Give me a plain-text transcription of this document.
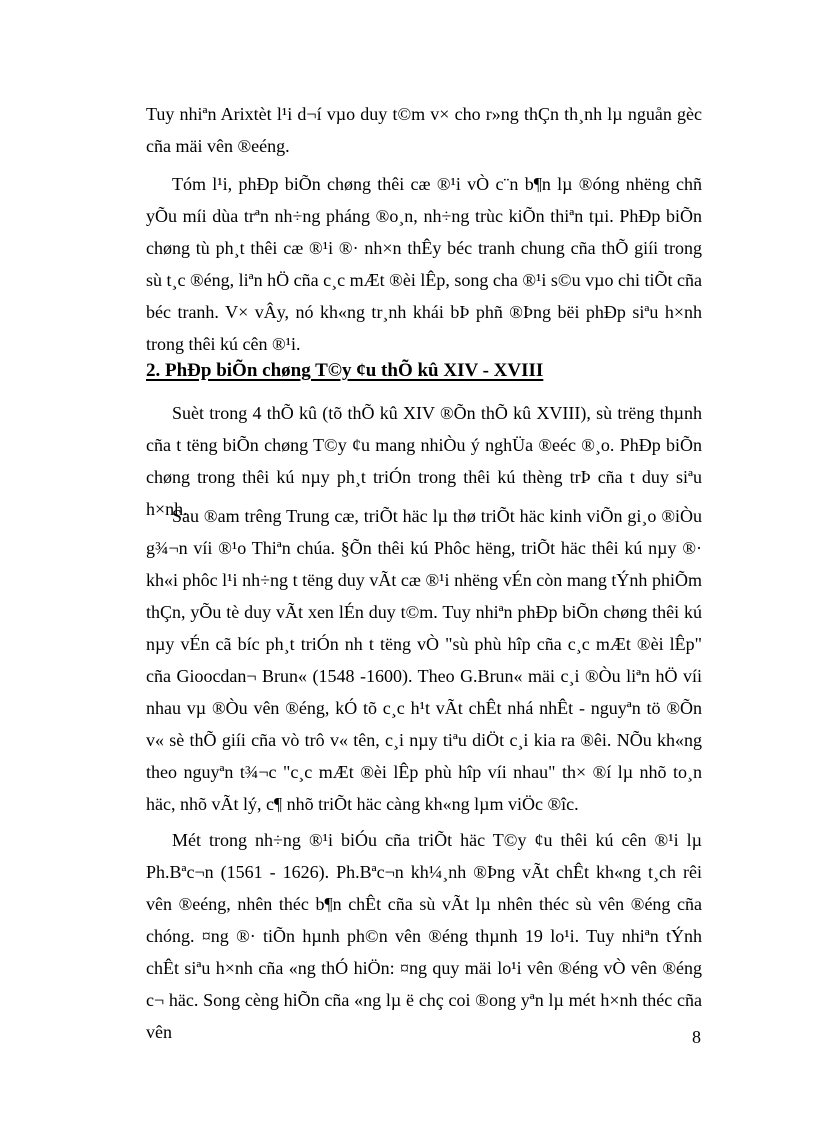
Tuy nhiªn Arixtèt l¹i d¬í vµo duy t©m v× cho r»ng thÇn th¸nh lµ nguån gèc cña mäi vên ®eéng.

Tóm l¹i, phÐp biÕn chøng thêi cæ ®¹i vÒ c¨n b¶n lµ ®óng nhëng chñ yÕu míi dùa trªn nh÷ng pháng ®o¸n, nh÷ng trùc kiÕn thiªn tµi. PhÐp biÕn chøng tù ph¸t thêi cæ ®¹i ®· nh×n thÊy béc tranh chung cña thÕ giíi trong sù t¸c ®éng, liªn hÖ cña c¸c mÆt ®èi lÊp, song cha ®¹i s©u vµo chi tiÕt cña béc tranh. V× vÂy, nó kh«ng tr¸nh khái bÞ phñ ®Þng bëi phÐp siªu h×nh trong thêi kú cên ®¹i.

2. PhÐp biÕn chøng T©y ¢u thÕ kû XIV - XVIII

Suèt trong 4 thÕ kû (tõ thÕ kû XIV ®Õn thÕ kû XVIII), sù trëng thµnh cña t tëng biÕn chøng T©y ¢u mang nhiÒu ý nghÜa ®eéc ®¸o. PhÐp biÕn chøng trong thêi kú nµy ph¸t triÓn trong thêi kú thèng trÞ cña t duy siªu h×nh.

Sau ®am trêng Trung cæ, triÕt häc lµ thø triÕt häc kinh viÕn gi¸o ®iÒu g¾¬n víi ®¹o Thiªn chúa. §Õn thêi kú Phôc hëng, triÕt häc thêi kú nµy ®· kh«i phôc l¹i nh÷ng t tëng duy vÃt cæ ®¹i nhëng vÉn còn mang tÝnh phiÕm thÇn, yÕu tè duy vÃt xen lÉn duy t©m. Tuy nhiªn phÐp biÕn chøng thêi kú nµy vÉn cã bíc ph¸t triÓn nh t tëng vÒ "sù phù hîp cña c¸c mÆt ®èi lÊp" cña Gioocdan¬ Brun« (1548 -1600). Theo G.Brun« mäi c¸i ®Òu liªn hÖ víi nhau vµ ®Òu vên ®éng, kÓ tõ c¸c h¹t vÃt chÊt nhá nhÊt - nguyªn tö ®Õn v« sè thÕ giíi cña vò trô v« tên, c¸i nµy tiªu diÖt c¸i kia ra ®êi. NÕu kh«ng theo nguyªn t¾¬c "c¸c mÆt ®èi lÊp phù hîp víi nhau" th× ®í lµ nhõ to¸n häc, nhõ vÃt lý, c¶ nhõ triÕt häc càng kh«ng lµm viÖc ®îc.

Mét trong nh÷ng ®¹i biÓu cña triÕt häc T©y ¢u thêi kú cên ®¹i lµ Ph.Bªc¬n (1561 - 1626). Ph.Bªc¬n kh¼¸nh ®Þng vÃt chÊt kh«ng t¸ch rêi vên ®eéng, nhên théc b¶n chÊt cña sù vÃt lµ nhên théc sù vên ®éng cña chóng. ¤ng ®· tiÕn hµnh ph©n vên ®éng thµnh 19 lo¹i. Tuy nhiªn tÝnh chÊt siªu h×nh cña «ng thÓ hiÖn: ¤ng quy mäi lo¹i vên ®éng vÒ vên ®éng c¬ häc. Song cèng hiÕn cña «ng lµ ë chç coi ®ong yªn lµ mét h×nh théc cña vên	8
